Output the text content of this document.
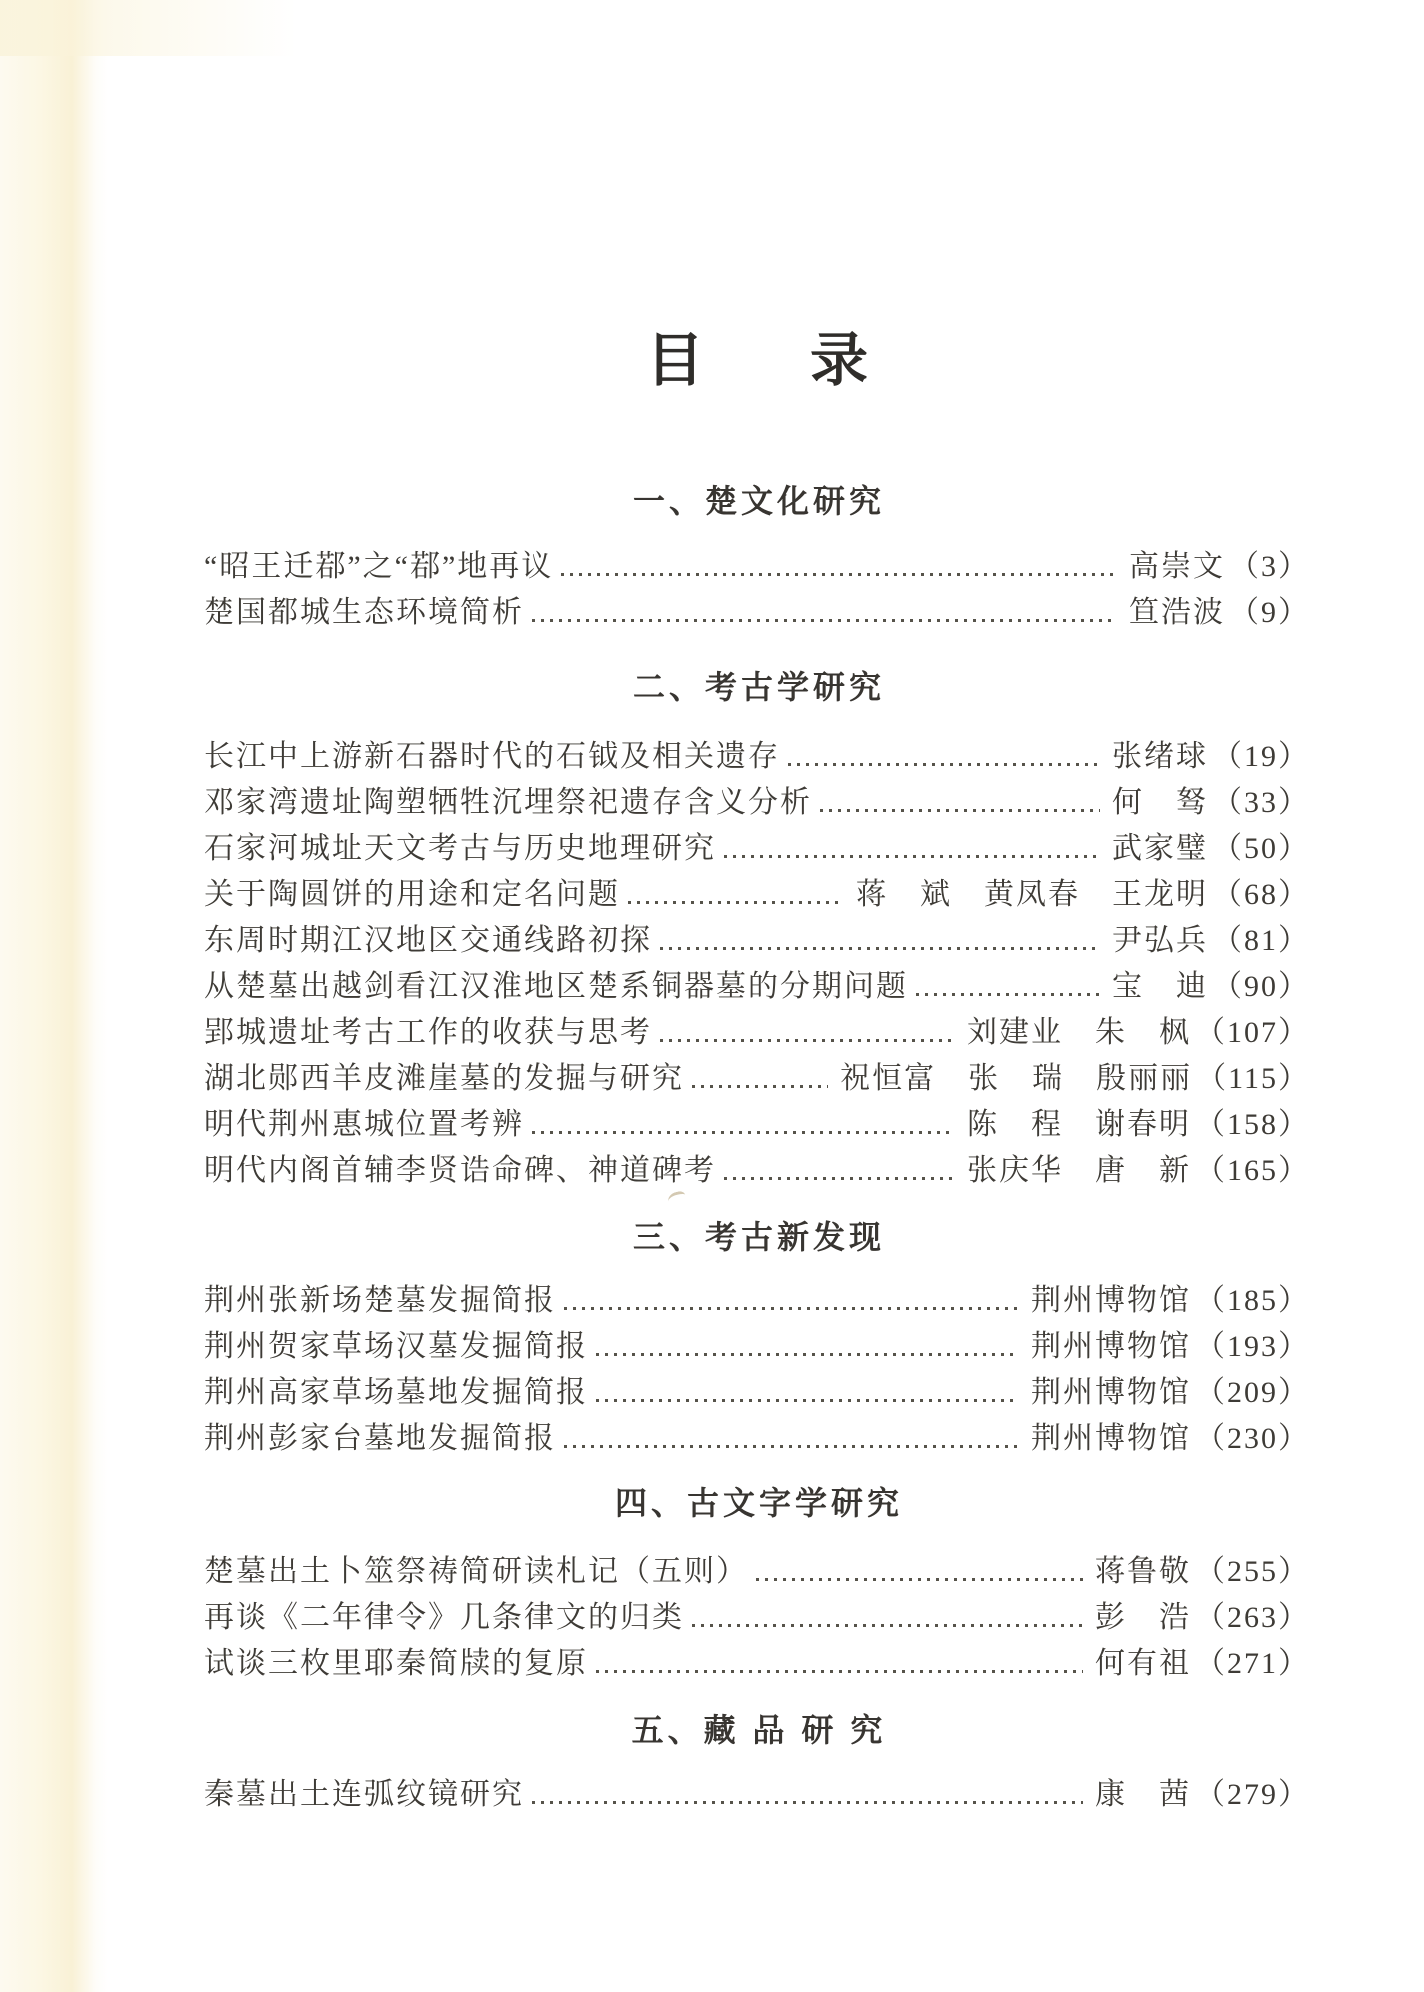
目　录
一、楚文化研究
“昭王迁鄀”之“鄀”地再议	高崇文 （3）
楚国都城生态环境简析	笪浩波 （9）
二、考古学研究
长江中上游新石器时代的石钺及相关遗存	张绪球 （19）
邓家湾遗址陶塑牺牲沉埋祭祀遗存含义分析	何　驽 （33）
石家河城址天文考古与历史地理研究	武家璧 （50）
关于陶圆饼的用途和定名问题	蒋　斌　黄凤春　王龙明 （68）
东周时期江汉地区交通线路初探	尹弘兵 （81）
从楚墓出越剑看江汉淮地区楚系铜器墓的分期问题	宝　迪 （90）
郢城遗址考古工作的收获与思考	刘建业　朱　枫 （107）
湖北郧西羊皮滩崖墓的发掘与研究	祝恒富　张　瑞　殷丽丽 （115）
明代荆州惠城位置考辨	陈　程　谢春明 （158）
明代内阁首辅李贤诰命碑、神道碑考	张庆华　唐　新 （165）
三、考古新发现
荆州张新场楚墓发掘简报	荆州博物馆 （185）
荆州贺家草场汉墓发掘简报	荆州博物馆 （193）
荆州高家草场墓地发掘简报	荆州博物馆 （209）
荆州彭家台墓地发掘简报	荆州博物馆 （230）
四、古文字学研究
楚墓出土卜筮祭祷简研读札记（五则）	蒋鲁敬 （255）
再谈《二年律令》几条律文的归类	彭　浩 （263）
试谈三枚里耶秦简牍的复原	何有祖 （271）
五、藏 品 研 究
秦墓出土连弧纹镜研究	康　茜 （279）
